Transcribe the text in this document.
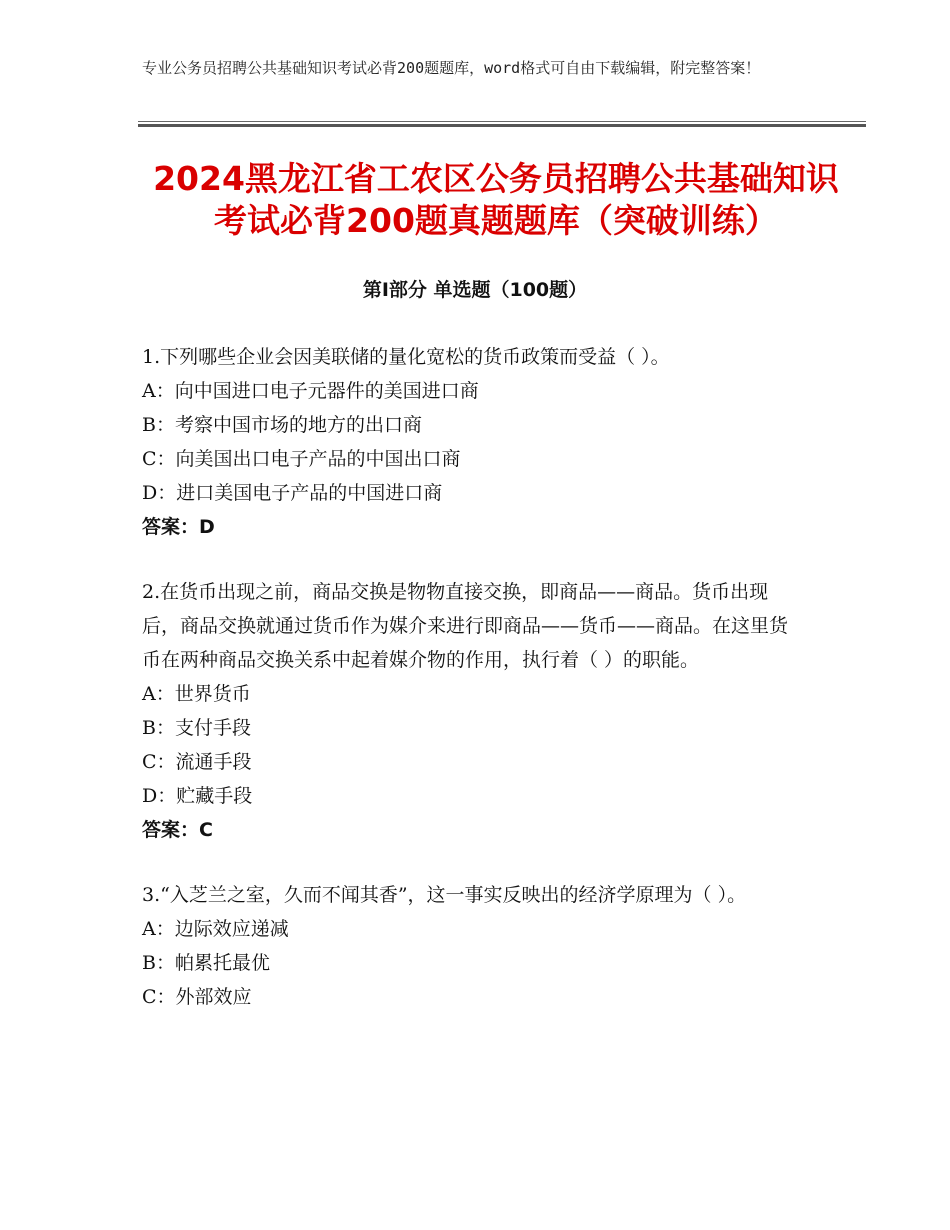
专业公务员招聘公共基础知识考试必背200题题库，word格式可自由下载编辑，附完整答案！
2024黑龙江省工农区公务员招聘公共基础知识考试必背200题真题题库（突破训练）
第Ⅰ部分 单选题（100题）

1.下列哪些企业会因美联储的量化宽松的货币政策而受益（ ）。

A：向中国进口电子元器件的美国进口商

B：考察中国市场的地方的出口商

C：向美国出口电子产品的中国出口商

D：进口美国电子产品的中国进口商

答案：D

2.在货币出现之前，商品交换是物物直接交换，即商品——商品。货币出现后，商品交换就通过货币作为媒介来进行即商品——货币——商品。在这里货币在两种商品交换关系中起着媒介物的作用，执行着（ ）的职能。

A：世界货币

B：支付手段

C：流通手段

D：贮藏手段

答案：C

3.“入芝兰之室，久而不闻其香”，这一事实反映出的经济学原理为（ ）。

A：边际效应递减

B：帕累托最优

C：外部效应
